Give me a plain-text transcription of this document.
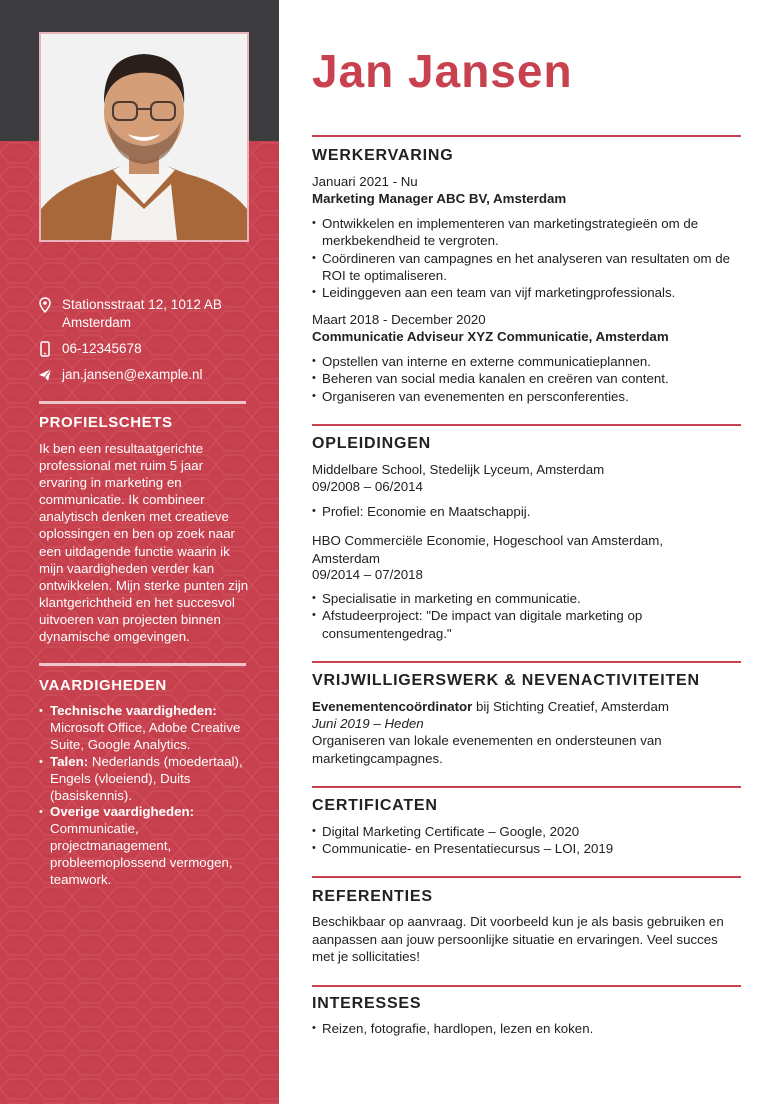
Stationsstraat 12, 1012 AB Amsterdam
06-12345678
jan.jansen@example.nl
PROFIELSCHETS
Ik ben een resultaatgerichte professional met ruim 5 jaar ervaring in marketing en communicatie. Ik combineer analytisch denken met creatieve oplossingen en ben op zoek naar een uitdagende functie waarin ik mijn vaardigheden verder kan ontwikkelen. Mijn sterke punten zijn klantgerichtheid en het succesvol uitvoeren van projecten binnen dynamische omgevingen.
VAARDIGHEDEN
• Technische vaardigheden: Microsoft Office, Adobe Creative Suite, Google Analytics.
• Talen: Nederlands (moedertaal), Engels (vloeiend), Duits (basiskennis).
• Overige vaardigheden: Communicatie, projectmanagement, probleemoplossend vermogen, teamwork.
Jan Jansen
WERKERVARING
Januari 2021 - Nu
Marketing Manager ABC BV, Amsterdam
• Ontwikkelen en implementeren van marketingstrategieën om de merkbekendheid te vergroten.
• Coördineren van campagnes en het analyseren van resultaten om de ROI te optimaliseren.
• Leidinggeven aan een team van vijf marketingprofessionals.
Maart 2018 - December 2020
Communicatie Adviseur XYZ Communicatie, Amsterdam
• Opstellen van interne en externe communicatieplannen.
• Beheren van social media kanalen en creëren van content.
• Organiseren van evenementen en persconferenties.
OPLEIDINGEN
Middelbare School, Stedelijk Lyceum, Amsterdam
09/2008 – 06/2014
• Profiel: Economie en Maatschappij.
HBO Commerciële Economie, Hogeschool van Amsterdam, Amsterdam
09/2014 – 07/2018
• Specialisatie in marketing en communicatie.
• Afstudeerproject: "De impact van digitale marketing op consumentengedrag."
VRIJWILLIGERSWERK & NEVENACTIVITEITEN
Evenementencoördinator bij Stichting Creatief, Amsterdam
Juni 2019 – Heden
Organiseren van lokale evenementen en ondersteunen van marketingcampagnes.
CERTIFICATEN
• Digital Marketing Certificate – Google, 2020
• Communicatie- en Presentatiecursus – LOI, 2019
REFERENTIES
Beschikbaar op aanvraag. Dit voorbeeld kun je als basis gebruiken en aanpassen aan jouw persoonlijke situatie en ervaringen. Veel succes met je sollicitaties!
INTERESSES
• Reizen, fotografie, hardlopen, lezen en koken.
